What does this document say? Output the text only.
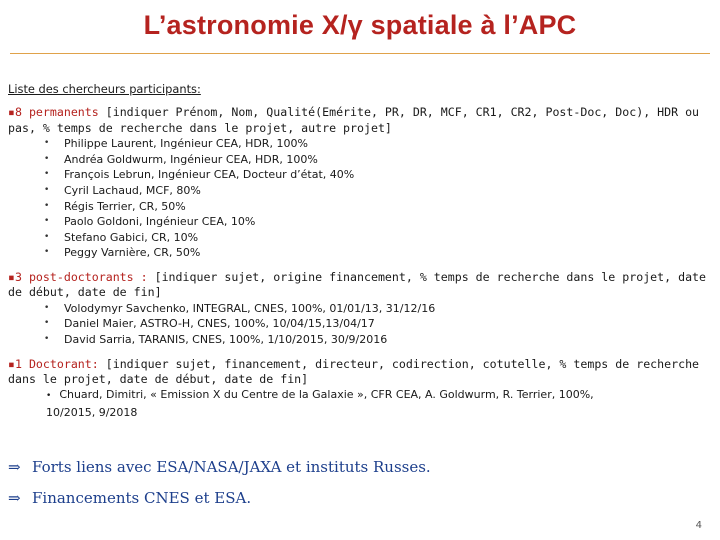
L’astronomie X/γ spatiale à l’APC
Liste des chercheurs participants:
▪8 permanents [indiquer Prénom, Nom, Qualité(Emérite, PR, DR, MCF, CR1, CR2, Post-Doc, Doc), HDR ou pas, % temps de recherche dans le projet, autre projet]
• Philippe Laurent, Ingénieur CEA, HDR, 100%
• Andréa Goldwurm, Ingénieur CEA, HDR, 100%
• François Lebrun, Ingénieur CEA, Docteur d’état, 40%
• Cyril Lachaud, MCF, 80%
• Régis Terrier, CR, 50%
• Paolo Goldoni, Ingénieur CEA, 10%
• Stefano Gabici, CR, 10%
• Peggy Varnière, CR, 50%
▪3 post-doctorants : [indiquer sujet, origine financement, % temps de recherche dans le projet, date de début, date de fin]
• Volodymyr Savchenko, INTEGRAL, CNES, 100%, 01/01/13, 31/12/16
• Daniel Maier, ASTRO-H, CNES, 100%, 10/04/15,13/04/17
• David Sarria, TARANIS, CNES, 100%, 1/10/2015, 30/9/2016
▪1 Doctorant: [indiquer sujet, financement, directeur, codirection, cotutelle, % temps de recherche dans le projet, date de début, date de fin]
• Chuard, Dimitri, « Emission X du Centre de la Galaxie », CFR CEA, A. Goldwurm, R. Terrier, 100%,
10/2015, 9/2018
⇒ Forts liens avec ESA/NASA/JAXA et instituts Russes.
⇒ Financements CNES et ESA.
4
